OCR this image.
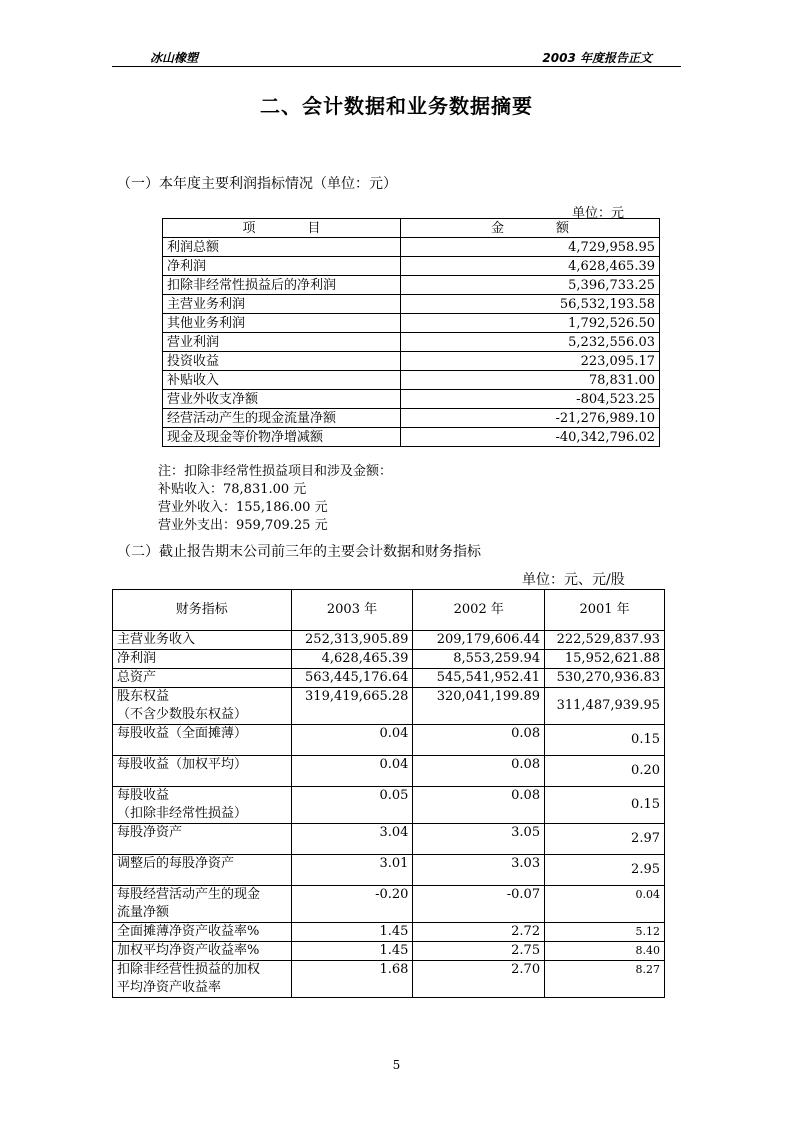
冰山橡塑	2003 年度报告正文
二、会计数据和业务数据摘要
（一）本年度主要利润指标情况（单位：元）
单位：元
项　　　　目	金　　　　额
利润总额	4,729,958.95
净利润	4,628,465.39
扣除非经常性损益后的净利润	5,396,733.25
主营业务利润	56,532,193.58
其他业务利润	1,792,526.50
营业利润	5,232,556.03
投资收益	223,095.17
补贴收入	78,831.00
营业外收支净额	-804,523.25
经营活动产生的现金流量净额	-21,276,989.10
现金及现金等价物净增减额	-40,342,796.02
注：扣除非经常性损益项目和涉及金额：
补贴收入：78,831.00 元
营业外收入：155,186.00 元
营业外支出：959,709.25 元
（二）截止报告期末公司前三年的主要会计数据和财务指标
单位：元、元/股
财务指标	2003 年	2002 年	2001 年
主营业务收入	252,313,905.89	209,179,606.44	222,529,837.93
净利润	4,628,465.39	8,553,259.94	15,952,621.88
总资产	563,445,176.64	545,541,952.41	530,270,936.83
股东权益
（不含少数股东权益）	319,419,665.28	320,041,199.89	311,487,939.95
每股收益（全面摊薄）	0.04	0.08	0.15
每股收益（加权平均）	0.04	0.08	0.20
每股收益
（扣除非经常性损益）	0.05	0.08	0.15
每股净资产	3.04	3.05	2.97
调整后的每股净资产	3.01	3.03	2.95
每股经营活动产生的现金
流量净额	-0.20	-0.07	0.04
全面摊薄净资产收益率%	1.45	2.72	5.12
加权平均净资产收益率%	1.45	2.75	8.40
扣除非经营性损益的加权
平均净资产收益率	1.68	2.70	8.27
5
